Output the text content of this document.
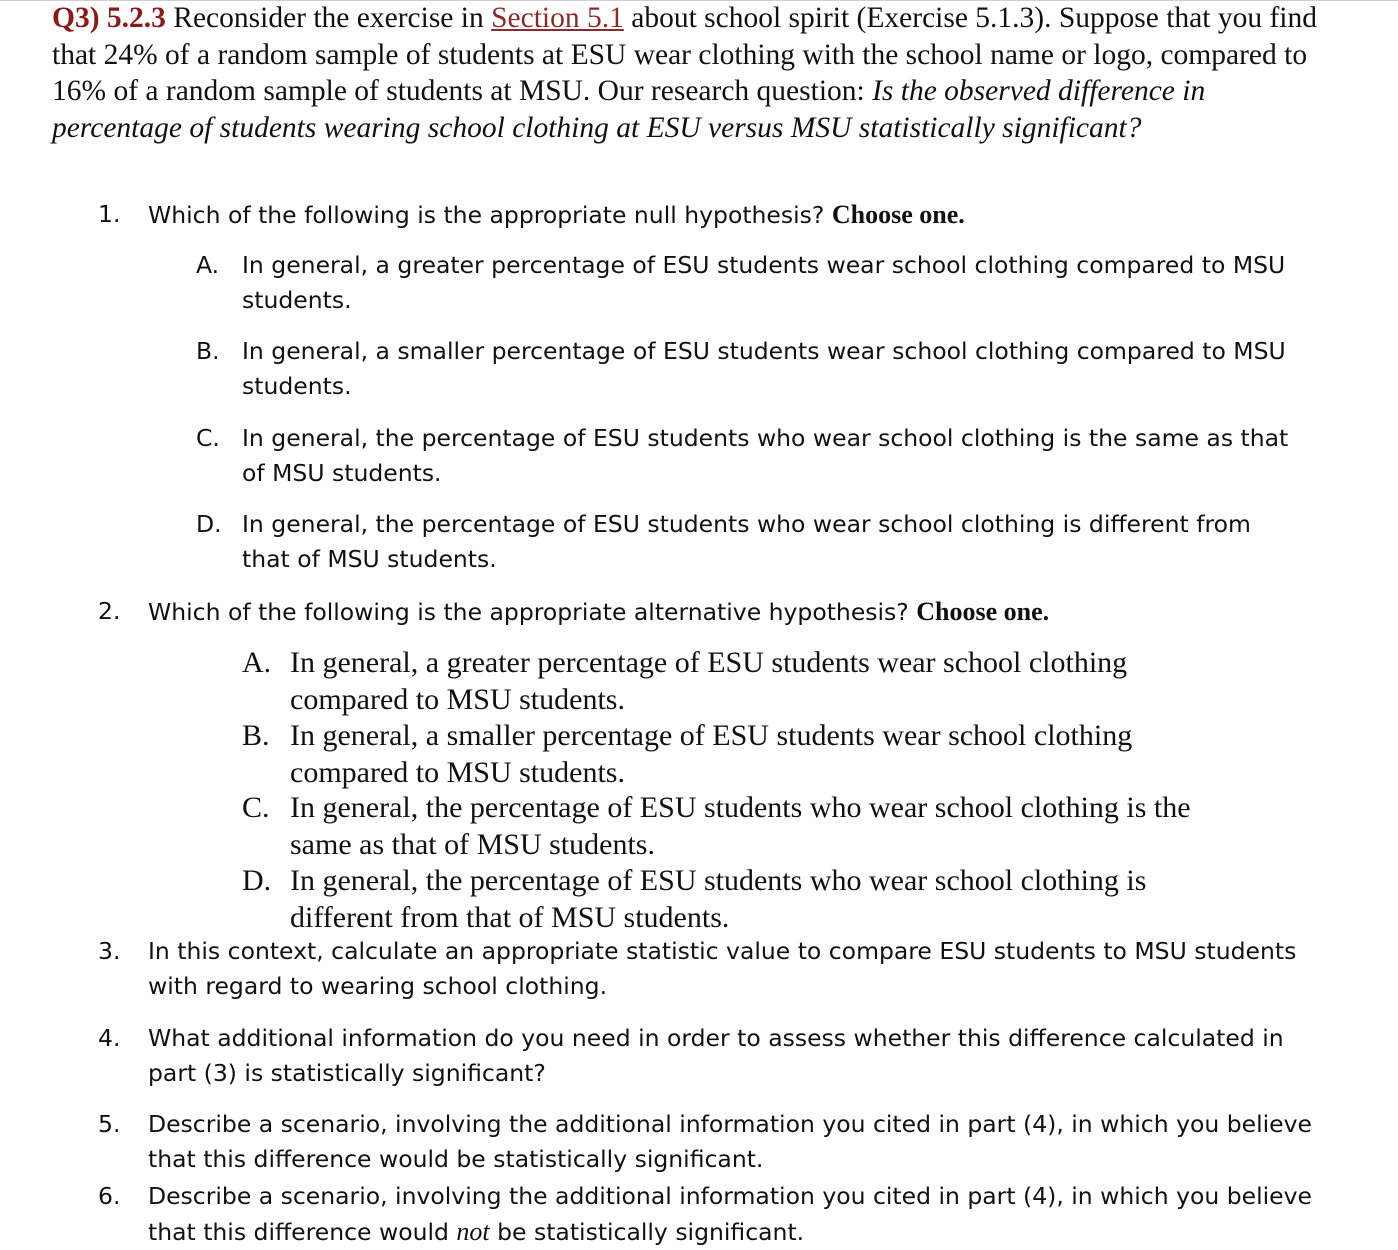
Q3) 5.2.3 Reconsider the exercise in Section 5.1 about school spirit (Exercise 5.1.3). Suppose that you find that 24% of a random sample of students at ESU wear clothing with the school name or logo, compared to 16% of a random sample of students at MSU. Our research question: Is the observed difference in percentage of students wearing school clothing at ESU versus MSU statistically significant?
1. Which of the following is the appropriate null hypothesis? Choose one.
A. In general, a greater percentage of ESU students wear school clothing compared to MSU students.
B. In general, a smaller percentage of ESU students wear school clothing compared to MSU students.
C. In general, the percentage of ESU students who wear school clothing is the same as that of MSU students.
D. In general, the percentage of ESU students who wear school clothing is different from that of MSU students.
2. Which of the following is the appropriate alternative hypothesis? Choose one.
A. In general, a greater percentage of ESU students wear school clothing compared to MSU students.
B. In general, a smaller percentage of ESU students wear school clothing compared to MSU students.
C. In general, the percentage of ESU students who wear school clothing is the same as that of MSU students.
D. In general, the percentage of ESU students who wear school clothing is different from that of MSU students.
3. In this context, calculate an appropriate statistic value to compare ESU students to MSU students with regard to wearing school clothing.
4. What additional information do you need in order to assess whether this difference calculated in part (3) is statistically significant?
5. Describe a scenario, involving the additional information you cited in part (4), in which you believe that this difference would be statistically significant.
6. Describe a scenario, involving the additional information you cited in part (4), in which you believe that this difference would not be statistically significant.
